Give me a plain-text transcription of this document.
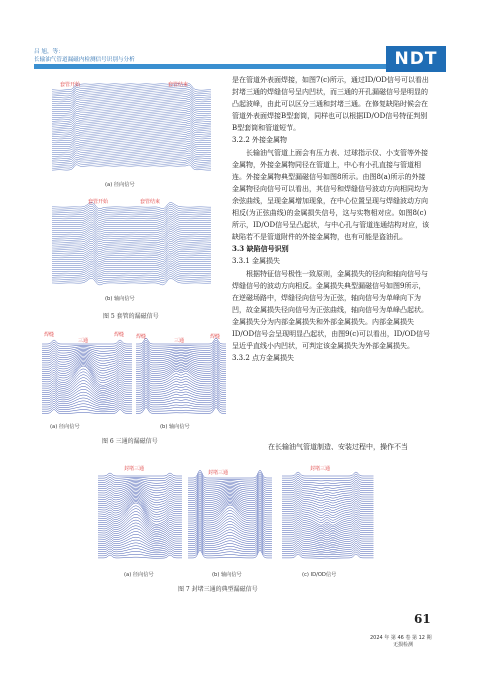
吕 旭，等：
长输油气管道漏磁内检测信号识别与分析	NDT
套管开始	套管结束
(a) 径向信号
套管开始	套管结束
(b) 轴向信号
图 5 套管的漏磁信号
焊缝
三通
焊缝 焊缝
三通
焊缝
(a) 径向信号	(b) 轴向信号
图 6 三通的漏磁信号

是在管道外表面焊接，如图7(c)所示，通过ID/OD信号可以看出封堵三通的焊缝信号呈内凹状，而三通的开孔漏磁信号是明显的凸起波峰，由此可以区分三通和封堵三通。在修复缺陷时候会在管道外表面焊接B型套筒，同样也可以根据ID/OD信号特征判别B型套筒和管道短节。

3.2.2 外接金属物

长输油气管道上面会有压力表、过球指示仪、小支管等外接金属物，外接金属物同径在管道上，中心有小孔直接与管道相连。外接金属物典型漏磁信号如图8所示。由图8(a)所示的外接金属物径向信号可以看出，其信号和焊缝信号波动方向相同均为余弦曲线，呈现金属增加现象，在中心位置呈现与焊缝波动方向相反(为正弦曲线)的金属损失信号，这与实物相对应。如图8(c)所示，ID/OD信号呈凸起状，与中心孔与管道连通结构对应，该缺陷若不是管道附件的外接金属物，也有可能是盗油孔。

3.3 缺陷信号识别

3.3.1 金属损失

根据特征信号极性一致原则，金属损失的径向和轴向信号与焊缝信号的波动方向相反。金属损失典型漏磁信号如图9所示，在逆磁场路中，焊缝径向信号为正弦，轴向信号为单峰向下为凹，故金属损失径向信号为正弦曲线，轴向信号为单峰凸起状。金属损失分为内部金属损失和外部金属损失。内部金属损失ID/OD信号会呈现明显凸起状，由图9(c)可以看出，ID/OD信号呈近乎直线小内凹状，可判定该金属损失为外部金属损失。

3.3.2 点方金属损失

在长输油气管道制造、安装过程中，操作不当

封堵三通
封堵三通
封堵三通
(a) 径向信号	(b) 轴向信号	(c) ID/OD信号
图 7 封堵三通的典型漏磁信号
61
2024 年 第 46 卷 第 12 期
无损检测
